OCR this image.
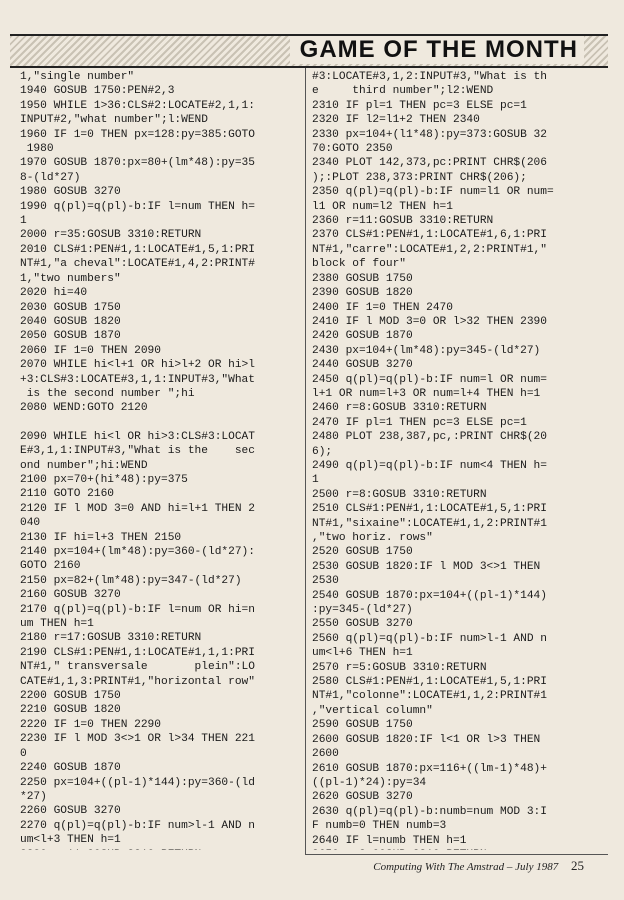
GAME OF THE MONTH
1,"single number"
1940 GOSUB 1750:PEN#2,3
1950 WHILE 1>36:CLS#2:LOCATE#2,1,1:
INPUT#2,"what number";l:WEND
1960 IF 1=0 THEN px=128:py=385:GOTO
1980
1970 GOSUB 1870:px=80+(lm*48):py=35
8-(ld*27)
1980 GOSUB 3270
1990 q(pl)=q(pl)-b:IF l=num THEN h=
1
2000 r=35:GOSUB 3310:RETURN
2010 CLS#1:PEN#1,1:LOCATE#1,5,1:PRI
NT#1,"a cheval":LOCATE#1,4,2:PRINT#
1,"two numbers"
2020 hi=40
2030 GOSUB 1750
2040 GOSUB 1820
2050 GOSUB 1870
2060 IF 1=0 THEN 2090
2070 WHILE hi<l+1 OR hi>l+2 OR hi>l
+3:CLS#3:LOCATE#3,1,1:INPUT#3,"What
is the second number ";hi
2080 WEND:GOTO 2120
2090 WHILE hi<l OR hi>3:CLS#3:LOCAT
E#3,1,1:INPUT#3,"What is the    sec
ond number";hi:WEND
2100 px=70+(hi*48):py=375
2110 GOTO 2160
2120 IF l MOD 3=0 AND hi=l+1 THEN 2
040
2130 IF hi=l+3 THEN 2150
2140 px=104+(lm*48):py=360-(ld*27):
GOTO 2160
2150 px=82+(lm*48):py=347-(ld*27)
2160 GOSUB 3270
2170 q(pl)=q(pl)-b:IF l=num OR hi=n
um THEN h=1
2180 r=17:GOSUB 3310:RETURN
2190 CLS#1:PEN#1,1:LOCATE#1,1,1:PRI
NT#1," transversale       plein":LO
CATE#1,1,3:PRINT#1,"horizontal row"
2200 GOSUB 1750
2210 GOSUB 1820
2220 IF 1=0 THEN 2290
2230 IF l MOD 3<>1 OR l>34 THEN 221
0
2240 GOSUB 1870
2250 px=104+((pl-1)*144):py=360-(ld
*27)
2260 GOSUB 3270
2270 q(pl)=q(pl)-b:IF num>l-1 AND n
um<l+3 THEN h=1
#3:LOCATE#3,1,2:INPUT#3,"What is th
e     third number";l2:WEND
2310 IF pl=1 THEN pc=3 ELSE pc=1
2320 IF l2=l1+2 THEN 2340
2330 px=104+(l1*48):py=373:GOSUB 32
70:GOTO 2350
2340 PLOT 142,373,pc:PRINT CHR$(206
);:PLOT 238,373:PRINT CHR$(206);
2350 q(pl)=q(pl)-b:IF num=l1 OR num=
l1 OR num=l2 THEN h=1
2360 r=11:GOSUB 3310:RETURN
2370 CLS#1:PEN#1,1:LOCATE#1,6,1:PRI
NT#1,"carre":LOCATE#1,2,2:PRINT#1,"
block of four"
2380 GOSUB 1750
2390 GOSUB 1820
2400 IF 1=0 THEN 2470
2410 IF l MOD 3=0 OR l>32 THEN 2390
2420 GOSUB 1870
2430 px=104+(lm*48):py=345-(ld*27)
2440 GOSUB 3270
2450 q(pl)=q(pl)-b:IF num=l OR num=
l+1 OR num=l+3 OR num=l+4 THEN h=1
2460 r=8:GOSUB 3310:RETURN
2470 IF pl=1 THEN pc=3 ELSE pc=1
2480 PLOT 238,387,pc,:PRINT CHR$(20
6);
2490 q(pl)=q(pl)-b:IF num<4 THEN h=
1
2500 r=8:GOSUB 3310:RETURN
2510 CLS#1:PEN#1,1:LOCATE#1,5,1:PRI
NT#1,"sixaine":LOCATE#1,1,2:PRINT#1
,"two horiz. rows"
2520 GOSUB 1750
2530 GOSUB 1820:IF l MOD 3<>1 THEN
2530
2540 GOSUB 1870:px=104+((pl-1)*144)
:py=345-(ld*27)
2550 GOSUB 3270
2560 q(pl)=q(pl)-b:IF num>l-1 AND n
um<l+6 THEN h=1
2570 r=5:GOSUB 3310:RETURN
2580 CLS#1:PEN#1,1:LOCATE#1,5,1:PRI
NT#1,"colonne":LOCATE#1,1,2:PRINT#1
,"vertical column"
2590 GOSUB 1750
2600 GOSUB 1820:IF l<1 OR l>3 THEN
2600
2610 GOSUB 1870:px=116+((lm-1)*48)+
((pl-1)*24):py=34
2620 GOSUB 3270
2630 q(pl)=q(pl)-b:numb=num MOD 3:I
F numb=0 THEN numb=3
2640 IF l=numb THEN h=1
Computing With The Amstrad – July 1987 25
